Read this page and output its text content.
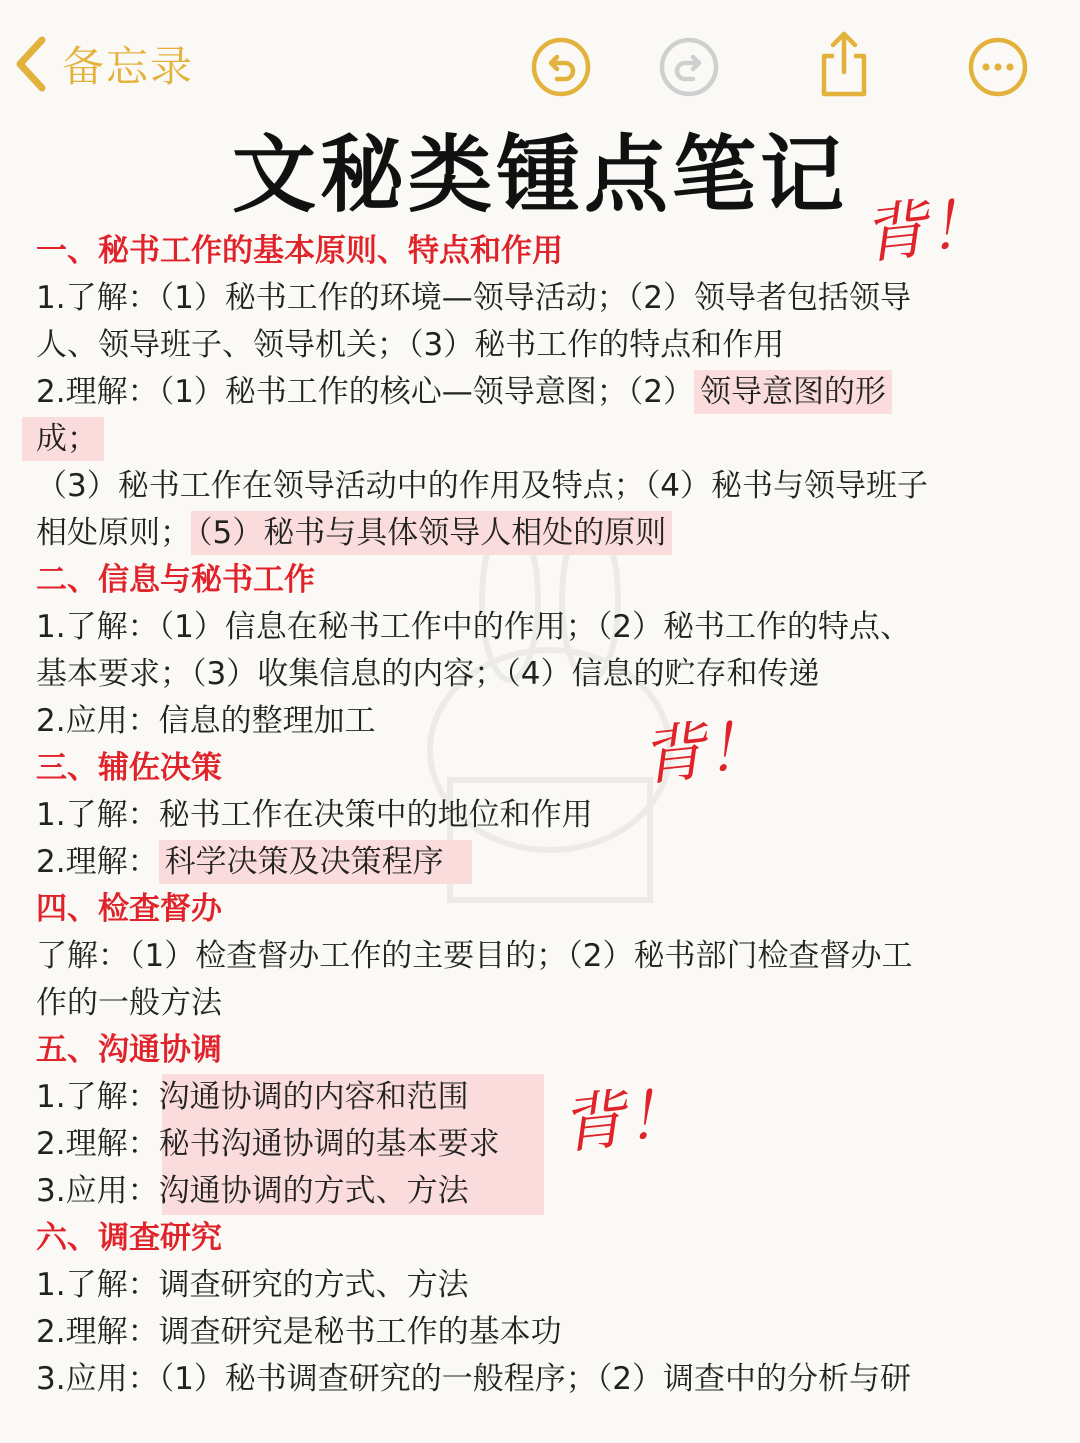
备忘录
文秘类锺点笔记
背！
背！
背！
一、秘书工作的基本原则、特点和作用
1.了解：（1）秘书工作的环境—领导活动；（2）领导者包括领导
人、领导班子、领导机关；（3）秘书工作的特点和作用
2.理解：（1）秘书工作的核心—领导意图；（2） 领导意图的形
成；
（3）秘书工作在领导活动中的作用及特点；（4）秘书与领导班子
相处原则； （5）秘书与具体领导人相处的原则
二、信息与秘书工作
1.了解：（1）信息在秘书工作中的作用；（2）秘书工作的特点、
基本要求；（3）收集信息的内容；（4）信息的贮存和传递
2.应用：信息的整理加工
三、辅佐决策
1.了解：秘书工作在决策中的地位和作用
2.理解： 科学决策及决策程序
四、检查督办
了解：（1）检查督办工作的主要目的；（2）秘书部门检查督办工
作的一般方法
五、沟通协调
1.了解：沟通协调的内容和范围
2.理解：秘书沟通协调的基本要求
3.应用：沟通协调的方式、方法
六、调查研究
1.了解：调查研究的方式、方法
2.理解：调查研究是秘书工作的基本功
3.应用：（1）秘书调查研究的一般程序；（2）调查中的分析与研
